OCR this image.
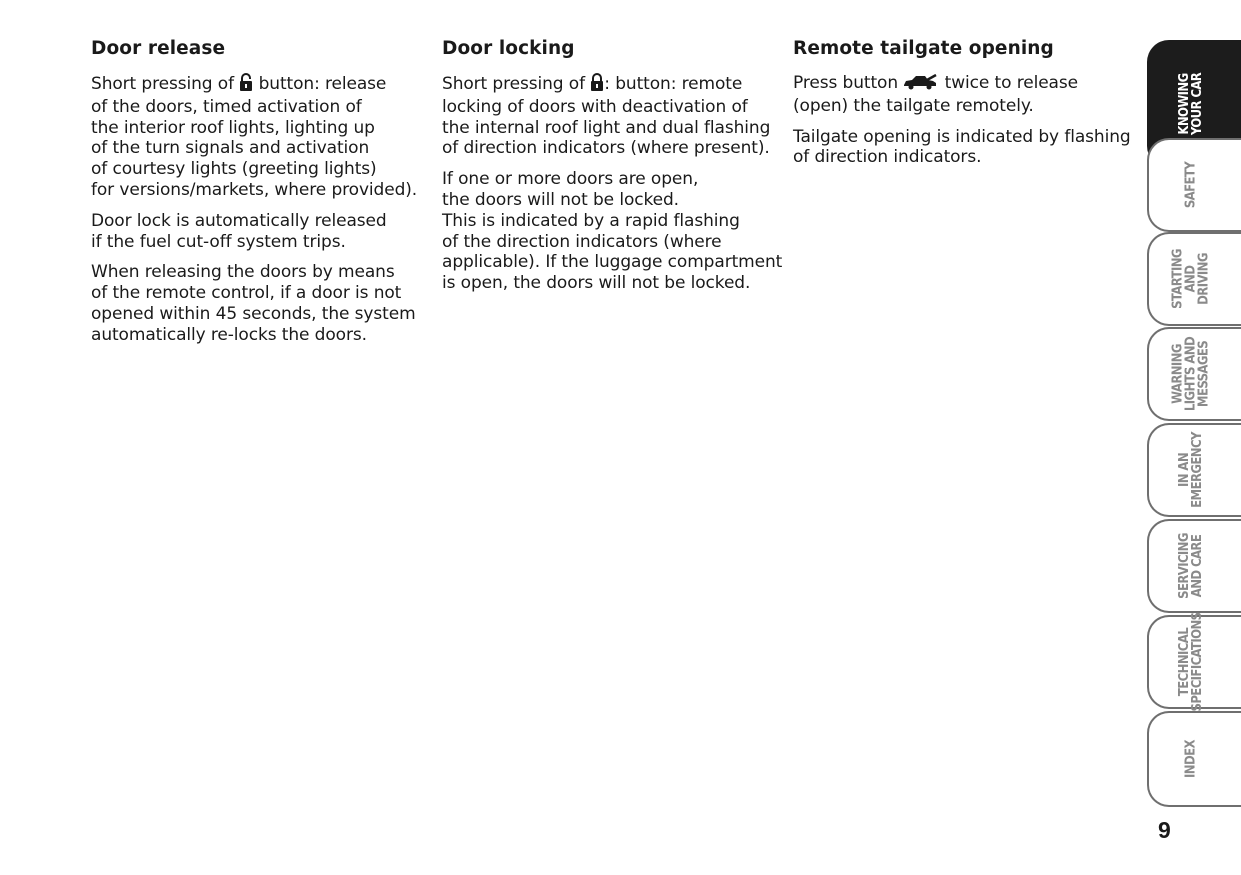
Door release

Short pressing of  button: release
of the doors, timed activation of
the interior roof lights, lighting up
of the turn signals and activation
of courtesy lights (greeting lights)
for versions/markets, where provided).

Door lock is automatically released
if the fuel cut-off system trips.

When releasing the doors by means
of the remote control, if a door is not
opened within 45 seconds, the system
automatically re-locks the doors.

Door locking

Short pressing of : button: remote
locking of doors with deactivation of
the internal roof light and dual flashing
of direction indicators (where present).

If one or more doors are open,
the doors will not be locked.
This is indicated by a rapid flashing
of the direction indicators (where
applicable). If the luggage compartment
is open, the doors will not be locked.

Remote tailgate opening

Press button  twice to release
(open) the tailgate remotely.

Tailgate opening is indicated by flashing
of direction indicators.

KNOWING
YOUR CAR
SAFETY
STARTING
AND DRIVING
WARNING
LIGHTS AND
MESSAGES
IN AN
EMERGENCY
SERVICING
AND CARE
TECHNICAL
SPECIFICATIONS
INDEX
9
